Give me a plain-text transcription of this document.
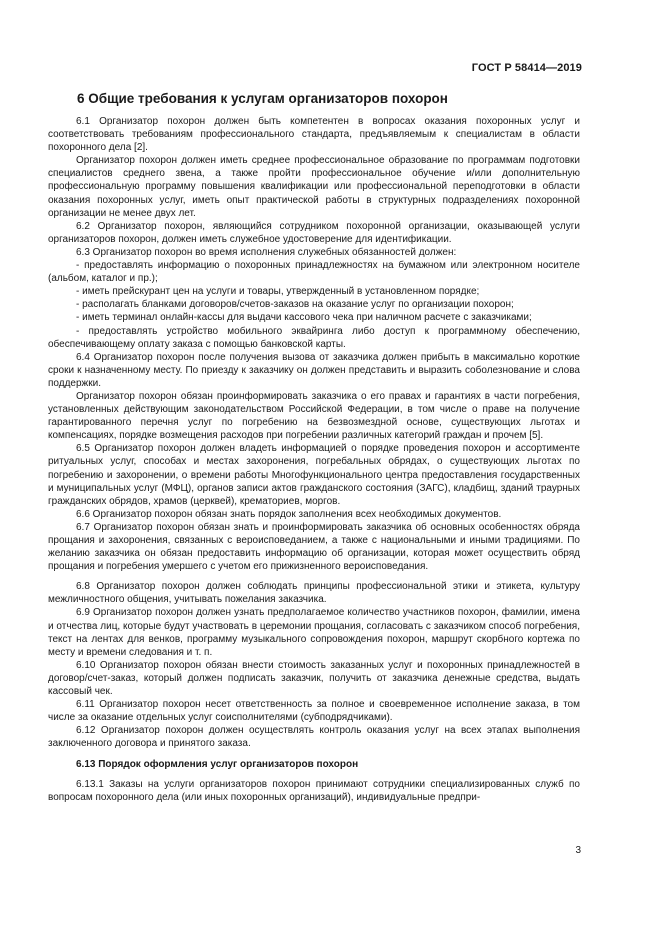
ГОСТ Р 58414—2019
6 Общие требования к услугам организаторов похорон

6.1 Организатор похорон должен быть компетентен в вопросах оказания похоронных услуг и соответствовать требованиям профессионального стандарта, предъявляемым к специалистам в области похоронного дела [2].

Организатор похорон должен иметь среднее профессиональное образование по программам подготовки специалистов среднего звена, а также пройти профессиональное обучение и/или дополнительную профессиональную программу повышения квалификации или профессиональной переподготовки в области оказания похоронных услуг, иметь опыт практической работы в структурных подразделениях похоронной организации не менее двух лет.

6.2 Организатор похорон, являющийся сотрудником похоронной организации, оказывающей услуги организаторов похорон, должен иметь служебное удостоверение для идентификации.

6.3 Организатор похорон во время исполнения служебных обязанностей должен:

- предоставлять информацию о похоронных принадлежностях на бумажном или электронном носителе (альбом, каталог и пр.);

- иметь прейскурант цен на услуги и товары, утвержденный в установленном порядке;

- располагать бланками договоров/счетов-заказов на оказание услуг по организации похорон;

- иметь терминал онлайн-кассы для выдачи кассового чека при наличном расчете с заказчиками;

- предоставлять устройство мобильного эквайринга либо доступ к программному обеспечению, обеспечивающему оплату заказа с помощью банковской карты.

6.4 Организатор похорон после получения вызова от заказчика должен прибыть в максимально короткие сроки к назначенному месту. По приезду к заказчику он должен представить и выразить соболезнование и слова поддержки.

Организатор похорон обязан проинформировать заказчика о его правах и гарантиях в части погребения, установленных действующим законодательством Российской Федерации, в том числе о праве на получение гарантированного перечня услуг по погребению на безвозмездной основе, существующих льготах и компенсациях, порядке возмещения расходов при погребении различных категорий граждан и прочем [5].

6.5 Организатор похорон должен владеть информацией о порядке проведения похорон и ассортименте ритуальных услуг, способах и местах захоронения, погребальных обрядах, о существующих льготах по погребению и захоронении, о времени работы Многофункционального центра предоставления государственных и муниципальных услуг (МФЦ), органов записи актов гражданского состояния (ЗАГС), кладбищ, зданий траурных гражданских обрядов, храмов (церквей), крематориев, моргов.

6.6 Организатор похорон обязан знать порядок заполнения всех необходимых документов.

6.7 Организатор похорон обязан знать и проинформировать заказчика об основных особенностях обряда прощания и захоронения, связанных с вероисповеданием, а также с национальными и иными традициями. По желанию заказчика он обязан предоставить информацию об организации, которая может осуществить обряд прощания и погребения умершего с учетом его прижизненного вероисповедания.

6.8 Организатор похорон должен соблюдать принципы профессиональной этики и этикета, культуру межличностного общения, учитывать пожелания заказчика.

6.9 Организатор похорон должен узнать предполагаемое количество участников похорон, фамилии, имена и отчества лиц, которые будут участвовать в церемонии прощания, согласовать с заказчиком способ погребения, текст на лентах для венков, программу музыкального сопровождения похорон, маршрут скорбного кортежа по месту и времени следования и т. п.

6.10 Организатор похорон обязан внести стоимость заказанных услуг и похоронных принадлежностей в договор/счет-заказ, который должен подписать заказчик, получить от заказчика денежные средства, выдать кассовый чек.

6.11 Организатор похорон несет ответственность за полное и своевременное исполнение заказа, в том числе за оказание отдельных услуг соисполнителями (субподрядчиками).

6.12 Организатор похорон должен осуществлять контроль оказания услуг на всех этапах выполнения заключенного договора и принятого заказа.

6.13 Порядок оформления услуг организаторов похорон

6.13.1 Заказы на услуги организаторов похорон принимают сотрудники специализированных служб по вопросам похоронного дела (или иных похоронных организаций), индивидуальные предпри-

3
